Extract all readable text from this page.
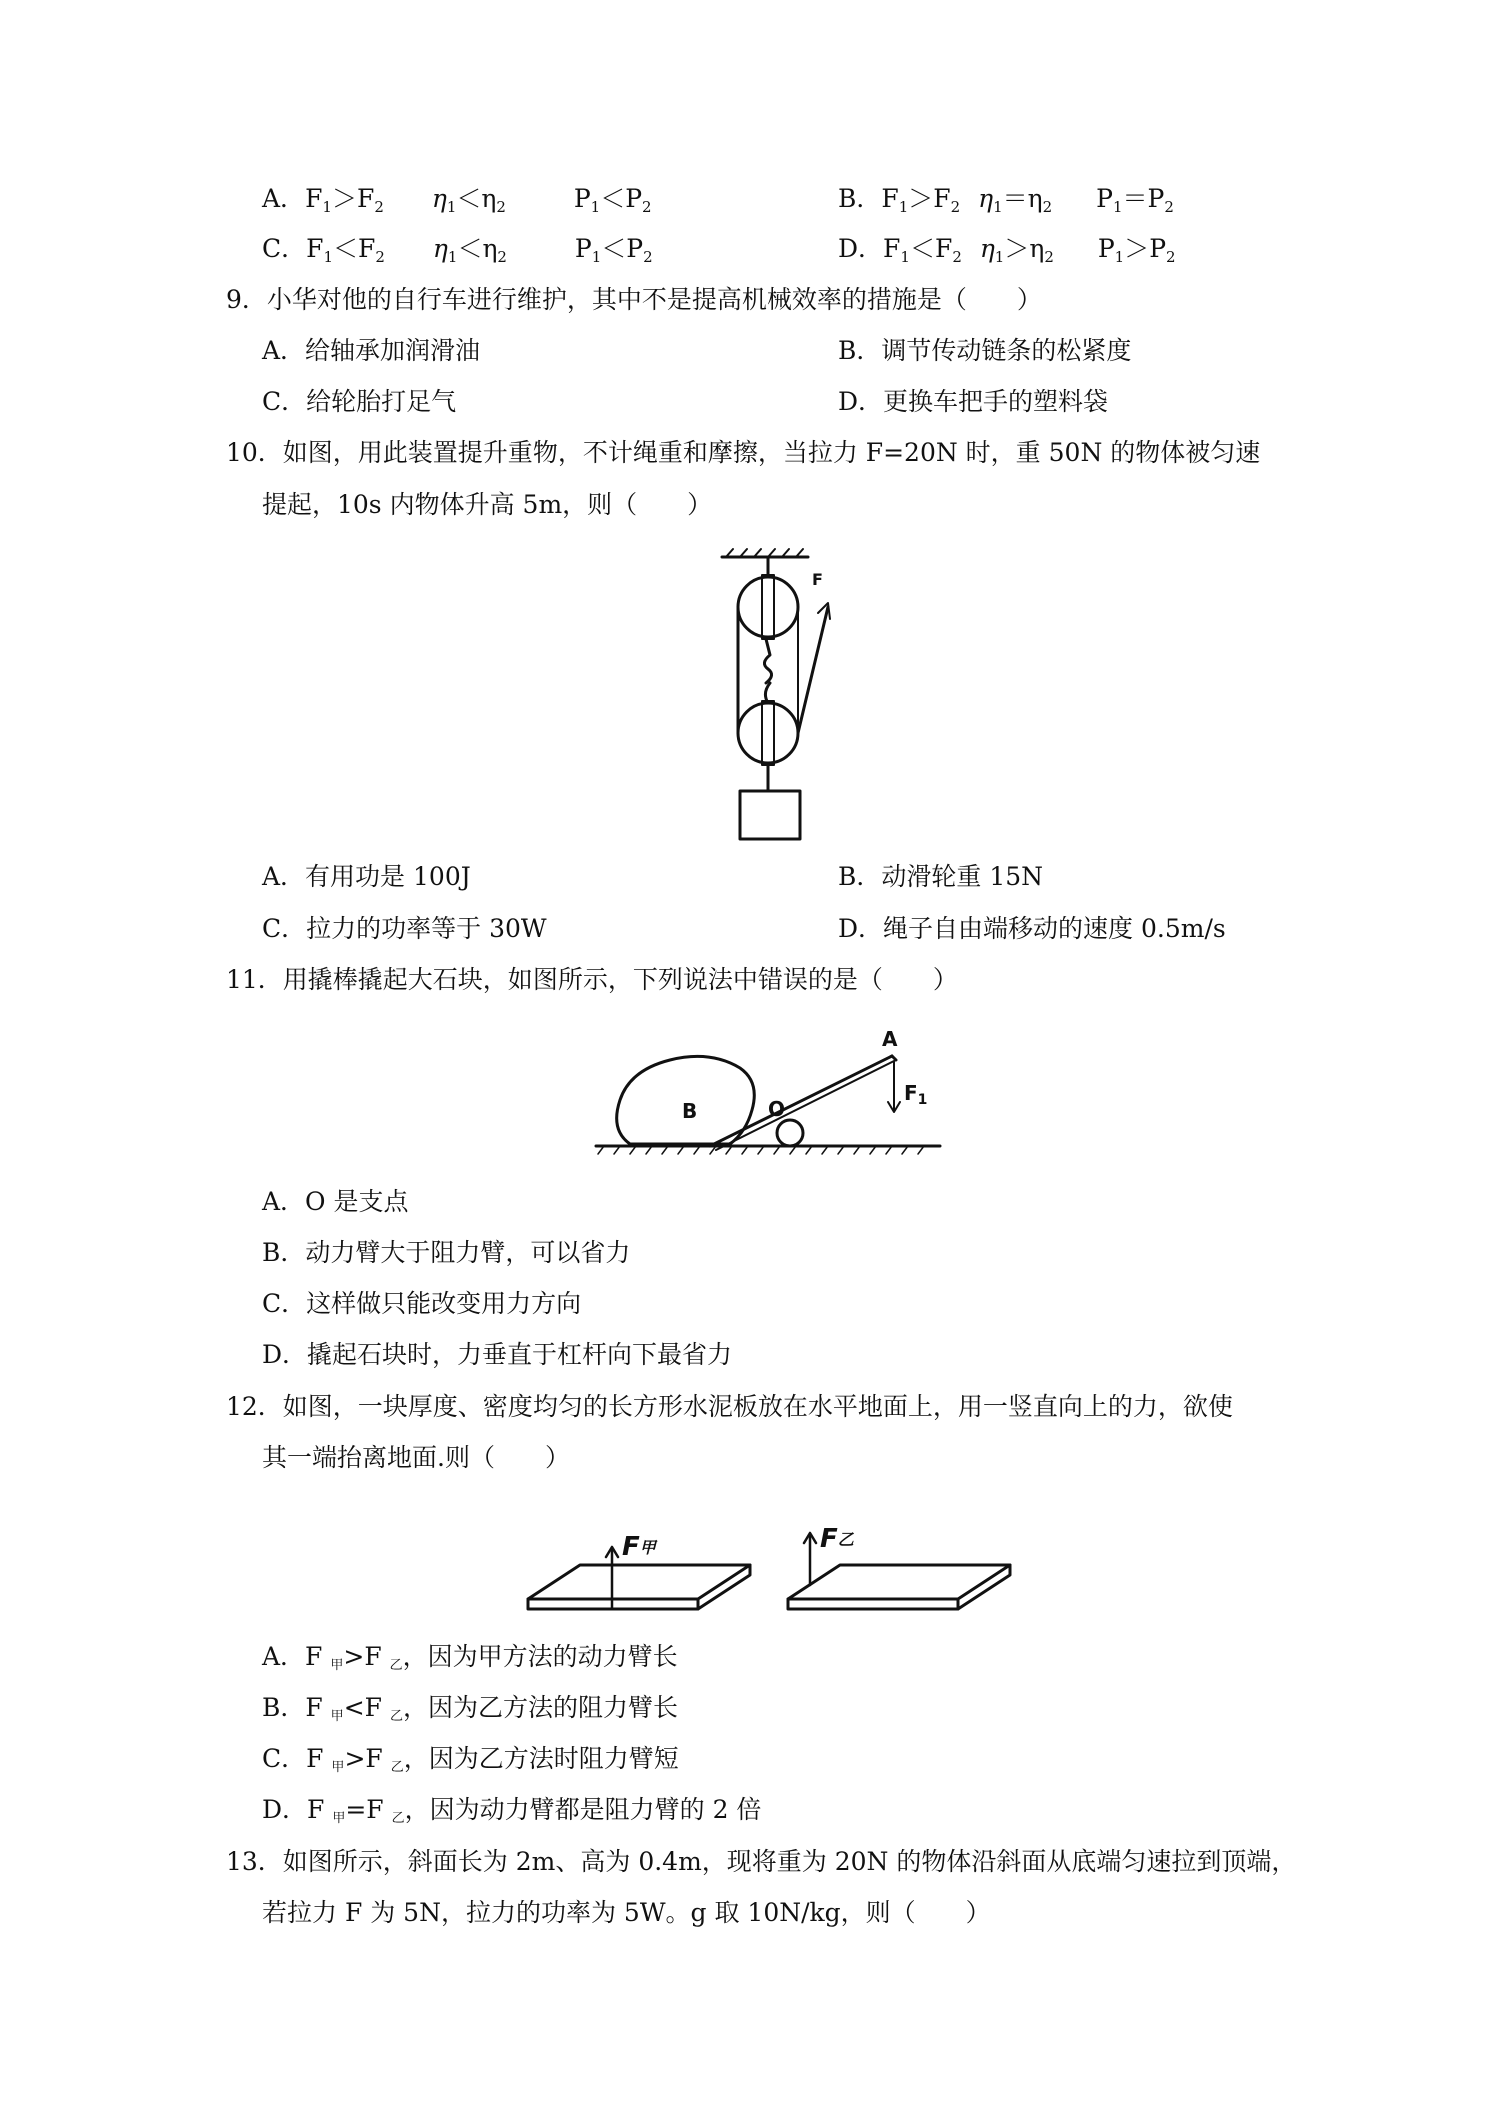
A．$F_1>F_2$ $\eta_1<\eta_2$	$P_1<P_2$	B．$F_1>F_2$ $\eta_1=\eta_2$ $P_1=P_2$
C．$F_1<F_2$ $\eta_1<\eta_2$	$P_1<P_2$	D．$F_1<F_2$ $\eta_1>\eta_2$ $P_1>P_2$
9．小华对他的自行车进行维护，其中不是提高机械效率的措施是（　　）
A．给轴承加润滑油	B．调节传动链条的松紧度
C．给轮胎打足气	D．更换车把手的塑料袋
10．如图，用此装置提升重物，不计绳重和摩擦，当拉力 F=20N 时，重 50N 的物体被匀速
提起，10s 内物体升高 5m，则（　　）
F
A．有用功是 100J	B．动滑轮重 15N
C．拉力的功率等于 30W	D．绳子自由端移动的速度 0.5m/s
11．用撬棒撬起大石块，如图所示，下列说法中错误的是（　　）
B	O
A
$F_1$
A．O 是支点
B．动力臂大于阻力臂，可以省力
C．这样做只能改变用力方向
D．撬起石块时，力垂直于杠杆向下最省力
12．如图，一块厚度、密度均匀的长方形水泥板放在水平地面上，用一竖直向上的力，欲使
其一端抬离地面.则（　　）
F甲	F乙
A．F 甲>F 乙，因为甲方法的动力臂长
B．F 甲<F 乙，因为乙方法的阻力臂长
C．F 甲>F 乙，因为乙方法时阻力臂短
D．F 甲=F 乙，因为动力臂都是阻力臂的 2 倍
13．如图所示，斜面长为 2m、高为 0.4m，现将重为 20N 的物体沿斜面从底端匀速拉到顶端，
若拉力 F 为 5N，拉力的功率为 5W。g 取 10N/kg，则（　　）
